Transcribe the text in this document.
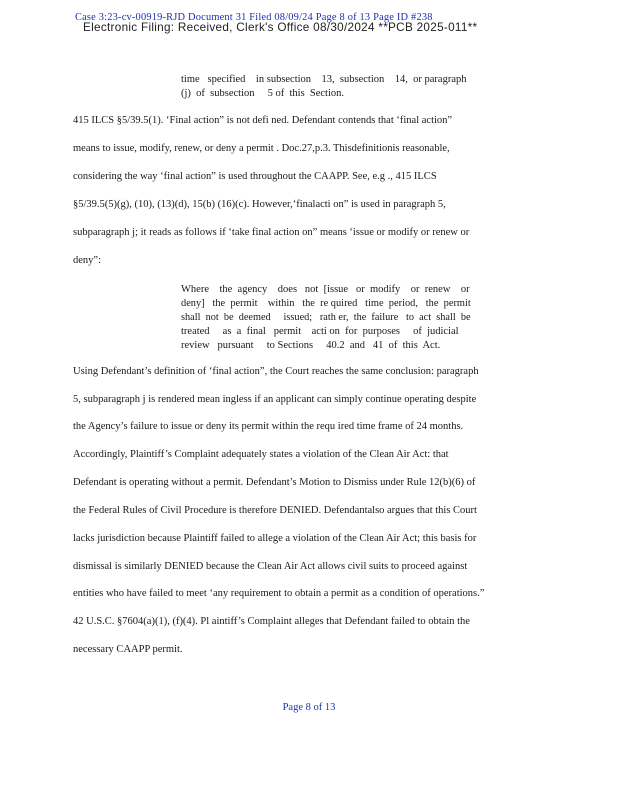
Case 3:23-cv-00919-RJD Document 31 Filed 08/09/24 Page 8 of 13 Page ID #238
Electronic Filing: Received, Clerk's Office 08/30/2024 **PCB 2025-011**
time   specified    in subsection    13,  subsection    14,  or paragraph
(j)  of  subsection     5 of  this  Section.
415 ILCS §5/39.5(1). ‘Final action” is not defi ned. Defendant contends that ‘final action”
means to issue, modify, renew, or deny a permit . Doc.27,p.3. Thisdefinitionis reasonable,
considering the way ‘final action” is used throughout the CAAPP. See, e.g ., 415 ILCS
§5/39.5(5)(g), (10), (13)(d), 15(b) (16)(c). However,‘finalacti on” is used in paragraph 5,
subparagraph j; it reads as follows if ‘take final action on” means ‘issue or modify or renew or
deny”:
Where    the  agency    does   not  [issue   or  modify    or  renew    or
deny]   the  permit    within   the  re quired   time  period,   the  permit
shall  not  be  deemed     issued;   rath er,  the  failure   to  act  shall  be
treated     as  a  final   permit    acti on  for  purposes     of  judicial
review   pursuant     to Sections     40.2  and   41  of  this  Act.
Using Defendant’s definition of ‘final action”, the Court reaches the same conclusion: paragraph
5, subparagraph j is rendered mean ingless if an applicant can simply continue operating despite
the Agency’s failure to issue or deny its permit within the requ ired time frame of 24 months.
Accordingly, Plaintiff’s Complaint adequately states a violation of the Clean Air Act: that
Defendant is operating without a permit. Defendant’s Motion to Dismiss under Rule 12(b)(6) of
the Federal Rules of Civil Procedure is therefore DENIED. Defendantalso argues that this Court
lacks jurisdiction because Plaintiff failed to allege a violation of the Clean Air Act; this basis for
dismissal is similarly DENIED because the Clean Air Act allows civil suits to proceed against
entities who have failed to meet ‘any requirement to obtain a permit as a condition of operations.”
42 U.S.C. §7604(a)(1), (f)(4). Pl aintiff’s Complaint alleges that Defendant failed to obtain the
necessary CAAPP permit.
Page 8 of 13
